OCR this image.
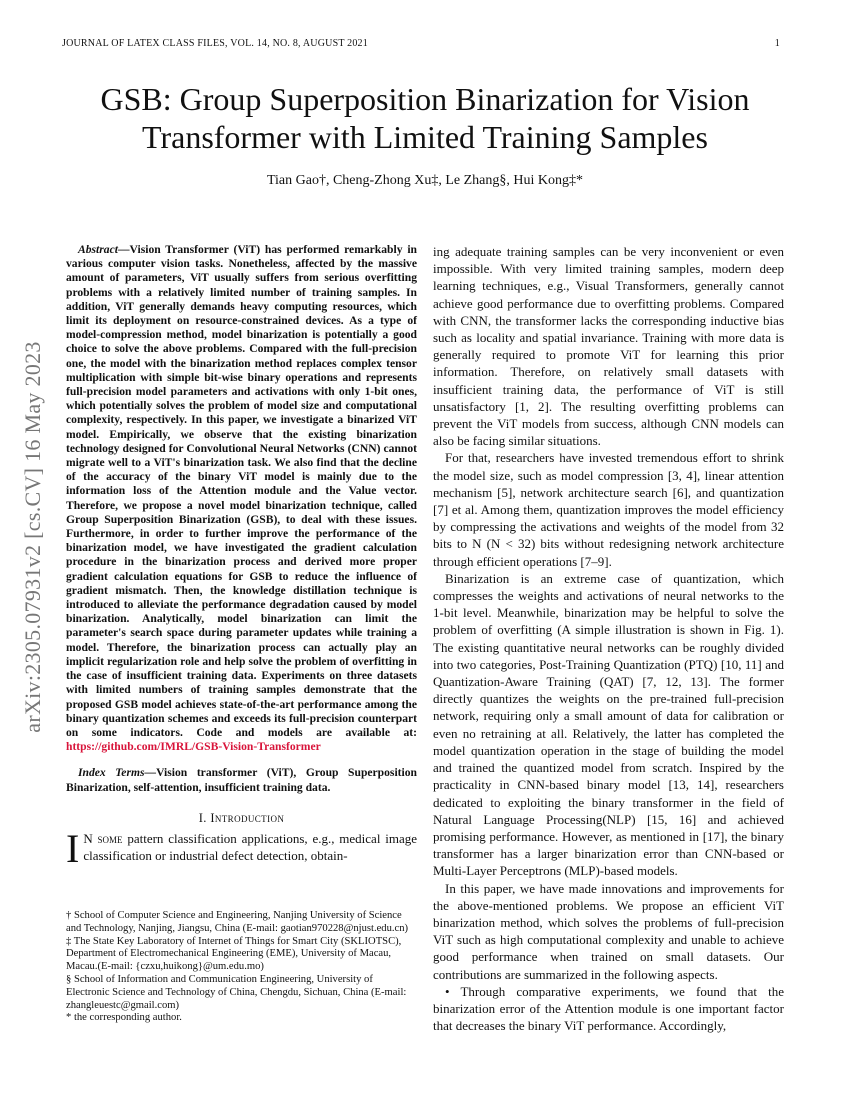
JOURNAL OF LATEX CLASS FILES, VOL. 14, NO. 8, AUGUST 2021	1
arXiv:2305.07931v2 [cs.CV] 16 May 2023
GSB: Group Superposition Binarization for Vision Transformer with Limited Training Samples
Tian Gao†, Cheng-Zhong Xu‡, Le Zhang§, Hui Kong‡*

Abstract—Vision Transformer (ViT) has performed remarkably in various computer vision tasks. Nonetheless, affected by the massive amount of parameters, ViT usually suffers from serious overfitting problems with a relatively limited number of training samples. In addition, ViT generally demands heavy computing resources, which limit its deployment on resource-constrained devices. As a type of model-compression method, model binarization is potentially a good choice to solve the above problems. Compared with the full-precision one, the model with the binarization method replaces complex tensor multiplication with simple bit-wise binary operations and represents full-precision model parameters and activations with only 1-bit ones, which potentially solves the problem of model size and computational complexity, respectively. In this paper, we investigate a binarized ViT model. Empirically, we observe that the existing binarization technology designed for Convolutional Neural Networks (CNN) cannot migrate well to a ViT's binarization task. We also find that the decline of the accuracy of the binary ViT model is mainly due to the information loss of the Attention module and the Value vector. Therefore, we propose a novel model binarization technique, called Group Superposition Binarization (GSB), to deal with these issues. Furthermore, in order to further improve the performance of the binarization model, we have investigated the gradient calculation procedure in the binarization process and derived more proper gradient calculation equations for GSB to reduce the influence of gradient mismatch. Then, the knowledge distillation technique is introduced to alleviate the performance degradation caused by model binarization. Analytically, model binarization can limit the parameter's search space during parameter updates while training a model. Therefore, the binarization process can actually play an implicit regularization role and help solve the problem of overfitting in the case of insufficient training data. Experiments on three datasets with limited numbers of training samples demonstrate that the proposed GSB model achieves state-of-the-art performance among the binary quantization schemes and exceeds its full-precision counterpart on some indicators. Code and models are available at: https://github.com/IMRL/GSB-Vision-Transformer

Index Terms—Vision transformer (ViT), Group Superposition Binarization, self-attention, insufficient training data.

I. Introduction

I N some pattern classification applications, e.g., medical image classification or industrial defect detection, obtain-

† School of Computer Science and Engineering, Nanjing University of Science and Technology, Nanjing, Jiangsu, China (E-mail: gaotian970228@njust.edu.cn)

‡ The State Key Laboratory of Internet of Things for Smart City (SKLIOTSC), Department of Electromechanical Engineering (EME), University of Macau, Macau.(E-mail: {czxu,huikong}@um.edu.mo)

§ School of Information and Communication Engineering, University of Electronic Science and Technology of China, Chengdu, Sichuan, China (E-mail: zhangleuestc@gmail.com)

* the corresponding author.

ing adequate training samples can be very inconvenient or even impossible. With very limited training samples, modern deep learning techniques, e.g., Visual Transformers, generally cannot achieve good performance due to overfitting problems. Compared with CNN, the transformer lacks the corresponding inductive bias such as locality and spatial invariance. Training with more data is generally required to promote ViT for learning this prior information. Therefore, on relatively small datasets with insufficient training data, the performance of ViT is still unsatisfactory [1, 2]. The resulting overfitting problems can prevent the ViT models from success, although CNN models can also be facing similar situations.

For that, researchers have invested tremendous effort to shrink the model size, such as model compression [3, 4], linear attention mechanism [5], network architecture search [6], and quantization [7] et al. Among them, quantization improves the model efficiency by compressing the activations and weights of the model from 32 bits to N (N < 32) bits without redesigning network architecture through efficient operations [7–9].

Binarization is an extreme case of quantization, which compresses the weights and activations of neural networks to the 1-bit level. Meanwhile, binarization may be helpful to solve the problem of overfitting (A simple illustration is shown in Fig. 1). The existing quantitative neural networks can be roughly divided into two categories, Post-Training Quantization (PTQ) [10, 11] and Quantization-Aware Training (QAT) [7, 12, 13]. The former directly quantizes the weights on the pre-trained full-precision network, requiring only a small amount of data for calibration or even no retraining at all. Relatively, the latter has completed the model quantization operation in the stage of building the model and trained the quantized model from scratch. Inspired by the practicality in CNN-based binary model [13, 14], researchers dedicated to exploiting the binary transformer in the field of Natural Language Processing(NLP) [15, 16] and achieved promising performance. However, as mentioned in [17], the binary transformer has a larger binarization error than CNN-based or Multi-Layer Perceptrons (MLP)-based models.

In this paper, we have made innovations and improvements for the above-mentioned problems. We propose an efficient ViT binarization method, which solves the problems of full-precision ViT such as high computational complexity and unable to achieve good performance when trained on small datasets. Our contributions are summarized in the following aspects.

• Through comparative experiments, we found that the binarization error of the Attention module is one important factor that decreases the binary ViT performance. Accordingly,
